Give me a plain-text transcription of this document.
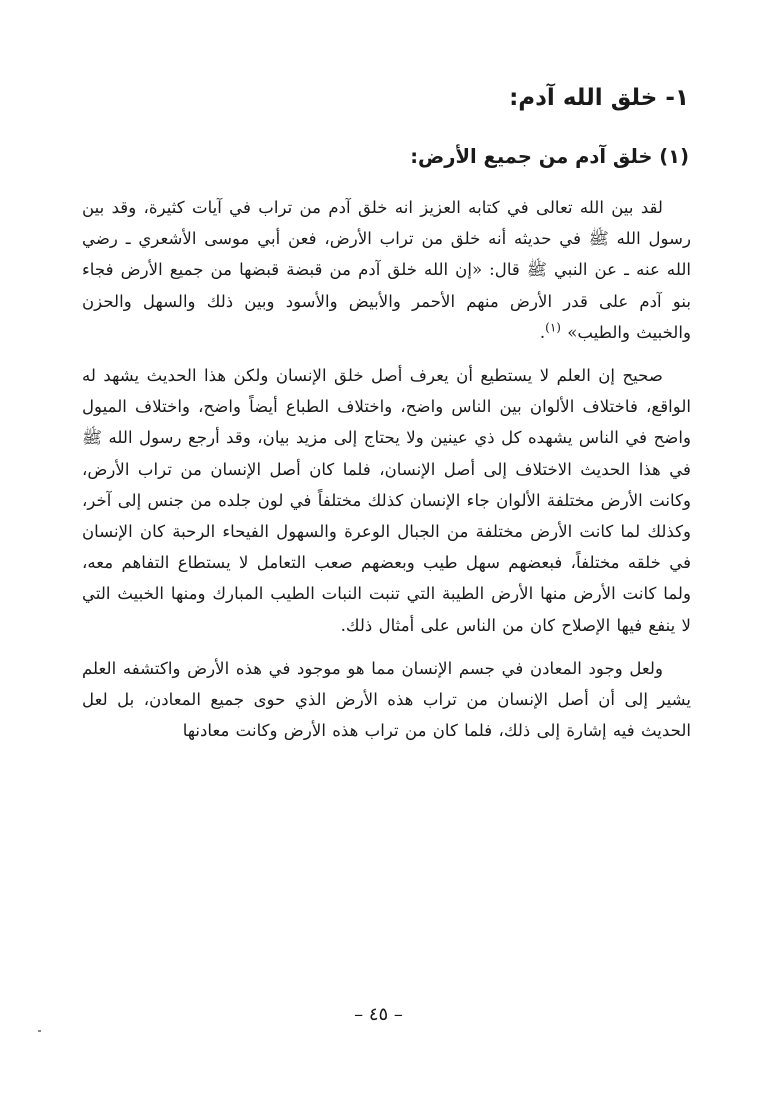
١- خلق الله آدم:
(١) خلق آدم من جميع الأرض:

لقد بين الله تعالى في كتابه العزيز انه خلق آدم من تراب في آيات كثيرة، وقد بين رسول الله ﷺ في حديثه أنه خلق من تراب الأرض، فعن أبي موسى الأشعري ـ رضي الله عنه ـ عن النبي ﷺ قال: «إن الله خلق آدم من قبضة قبضها من جميع الأرض فجاء بنو آدم على قدر الأرض منهم الأحمر والأبيض والأسود وبين ذلك والسهل والحزن والخبيث والطيب» $^{(١)}$.

صحيح إن العلم لا يستطيع أن يعرف أصل خلق الإنسان ولكن هذا الحديث يشهد له الواقع، فاختلاف الألوان بين الناس واضح، واختلاف الطباع أيضاً واضح، واختلاف الميول واضح في الناس يشهده كل ذي عينين ولا يحتاج إلى مزيد بيان، وقد أرجع رسول الله ﷺ في هذا الحديث الاختلاف إلى أصل الإنسان، فلما كان أصل الإنسان من تراب الأرض، وكانت الأرض مختلفة الألوان جاء الإنسان كذلك مختلفاً في لون جلده من جنس إلى آخر، وكذلك لما كانت الأرض مختلفة من الجبال الوعرة والسهول الفيحاء الرحبة كان الإنسان في خلقه مختلفاً، فبعضهم سهل طيب وبعضهم صعب التعامل لا يستطاع التفاهم معه، ولما كانت الأرض منها الأرض الطيبة التي تنبت النبات الطيب المبارك ومنها الخبيث التي لا ينفع فيها الإصلاح كان من الناس على أمثال ذلك.

ولعل وجود المعادن في جسم الإنسان مما هو موجود في هذه الأرض واكتشفه العلم يشير إلى أن أصل الإنسان من تراب هذه الأرض الذي حوى جميع المعادن، بل لعل الحديث فيه إشارة إلى ذلك، فلما كان من تراب هذه الأرض وكانت معادنها

– ٤٥ –
